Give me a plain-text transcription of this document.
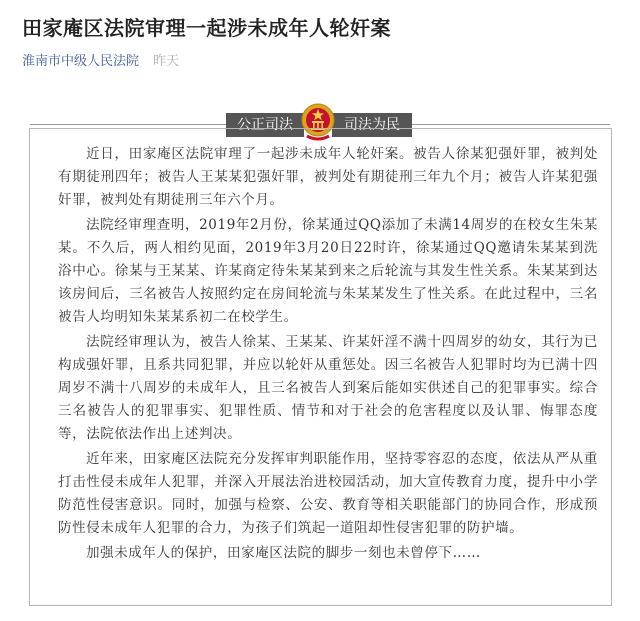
田家庵区法院审理一起涉未成年人轮奸案
淮南市中级人民法院 昨天
公正司法	司法为民

近日，田家庵区法院审理了一起涉未成年人轮奸案。被告人徐某犯强奸罪，被判处有期徒刑四年；被告人王某某犯强奸罪，被判处有期徒刑三年九个月；被告人许某犯强奸罪，被判处有期徒刑三年六个月。

法院经审理查明，2019年2月份，徐某通过QQ添加了未满14周岁的在校女生朱某某。不久后，两人相约见面，2019年3月20日22时许，徐某通过QQ邀请朱某某到洗浴中心。徐某与王某某、许某商定待朱某某到来之后轮流与其发生性关系。朱某某到达该房间后，三名被告人按照约定在房间轮流与朱某某发生了性关系。在此过程中，三名被告人均明知朱某某系初二在校学生。

法院经审理认为，被告人徐某、王某某、许某奸淫不满十四周岁的幼女，其行为已构成强奸罪，且系共同犯罪，并应以轮奸从重惩处。因三名被告人犯罪时均为已满十四周岁不满十八周岁的未成年人，且三名被告人到案后能如实供述自己的犯罪事实。综合三名被告人的犯罪事实、犯罪性质、情节和对于社会的危害程度以及认罪、悔罪态度等，法院依法作出上述判决。

近年来，田家庵区法院充分发挥审判职能作用，坚持零容忍的态度，依法从严从重打击性侵未成年人犯罪，并深入开展法治进校园活动，加大宣传教育力度，提升中小学防范性侵害意识。同时，加强与检察、公安、教育等相关职能部门的协同合作，形成预防性侵未成年人犯罪的合力，为孩子们筑起一道阻却性侵害犯罪的防护墙。

加强未成年人的保护，田家庵区法院的脚步一刻也未曾停下……
